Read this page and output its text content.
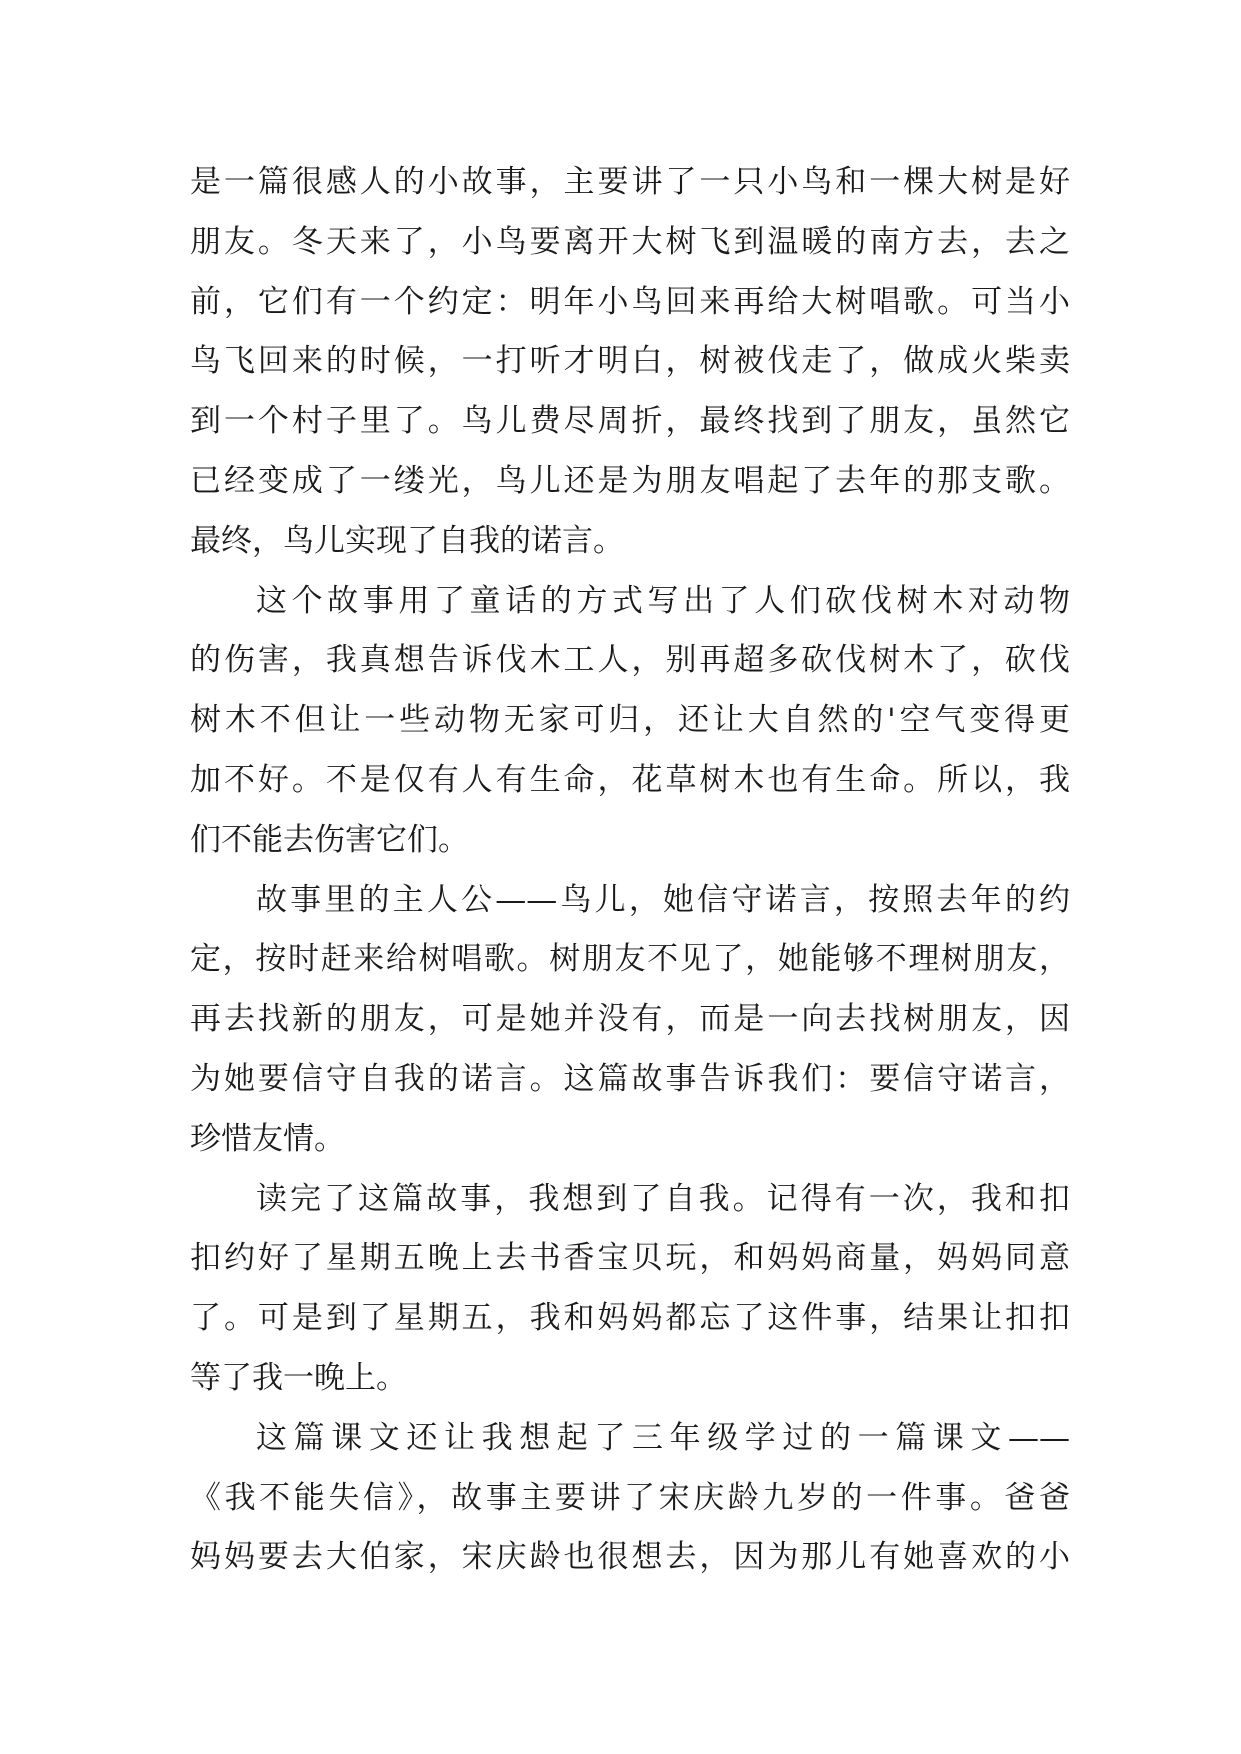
是一篇很感人的小故事，主要讲了一只小鸟和一棵大树是好
朋友。冬天来了，小鸟要离开大树飞到温暖的南方去，去之
前，它们有一个约定：明年小鸟回来再给大树唱歌。可当小
鸟飞回来的时候，一打听才明白，树被伐走了，做成火柴卖
到一个村子里了。鸟儿费尽周折，最终找到了朋友，虽然它
已经变成了一缕光，鸟儿还是为朋友唱起了去年的那支歌。
最终，鸟儿实现了自我的诺言。
这个故事用了童话的方式写出了人们砍伐树木对动物
的伤害，我真想告诉伐木工人，别再超多砍伐树木了，砍伐
树木不但让一些动物无家可归，还让大自然的'空气变得更
加不好。不是仅有人有生命，花草树木也有生命。所以，我
们不能去伤害它们。
故事里的主人公——鸟儿，她信守诺言，按照去年的约
定，按时赶来给树唱歌。树朋友不见了，她能够不理树朋友，
再去找新的朋友，可是她并没有，而是一向去找树朋友，因
为她要信守自我的诺言。这篇故事告诉我们：要信守诺言，
珍惜友情。
读完了这篇故事，我想到了自我。记得有一次，我和扣
扣约好了星期五晚上去书香宝贝玩，和妈妈商量，妈妈同意
了。可是到了星期五，我和妈妈都忘了这件事，结果让扣扣
等了我一晚上。
这篇课文还让我想起了三年级学过的一篇课文——
《我不能失信》，故事主要讲了宋庆龄九岁的一件事。爸爸
妈妈要去大伯家，宋庆龄也很想去，因为那儿有她喜欢的小
